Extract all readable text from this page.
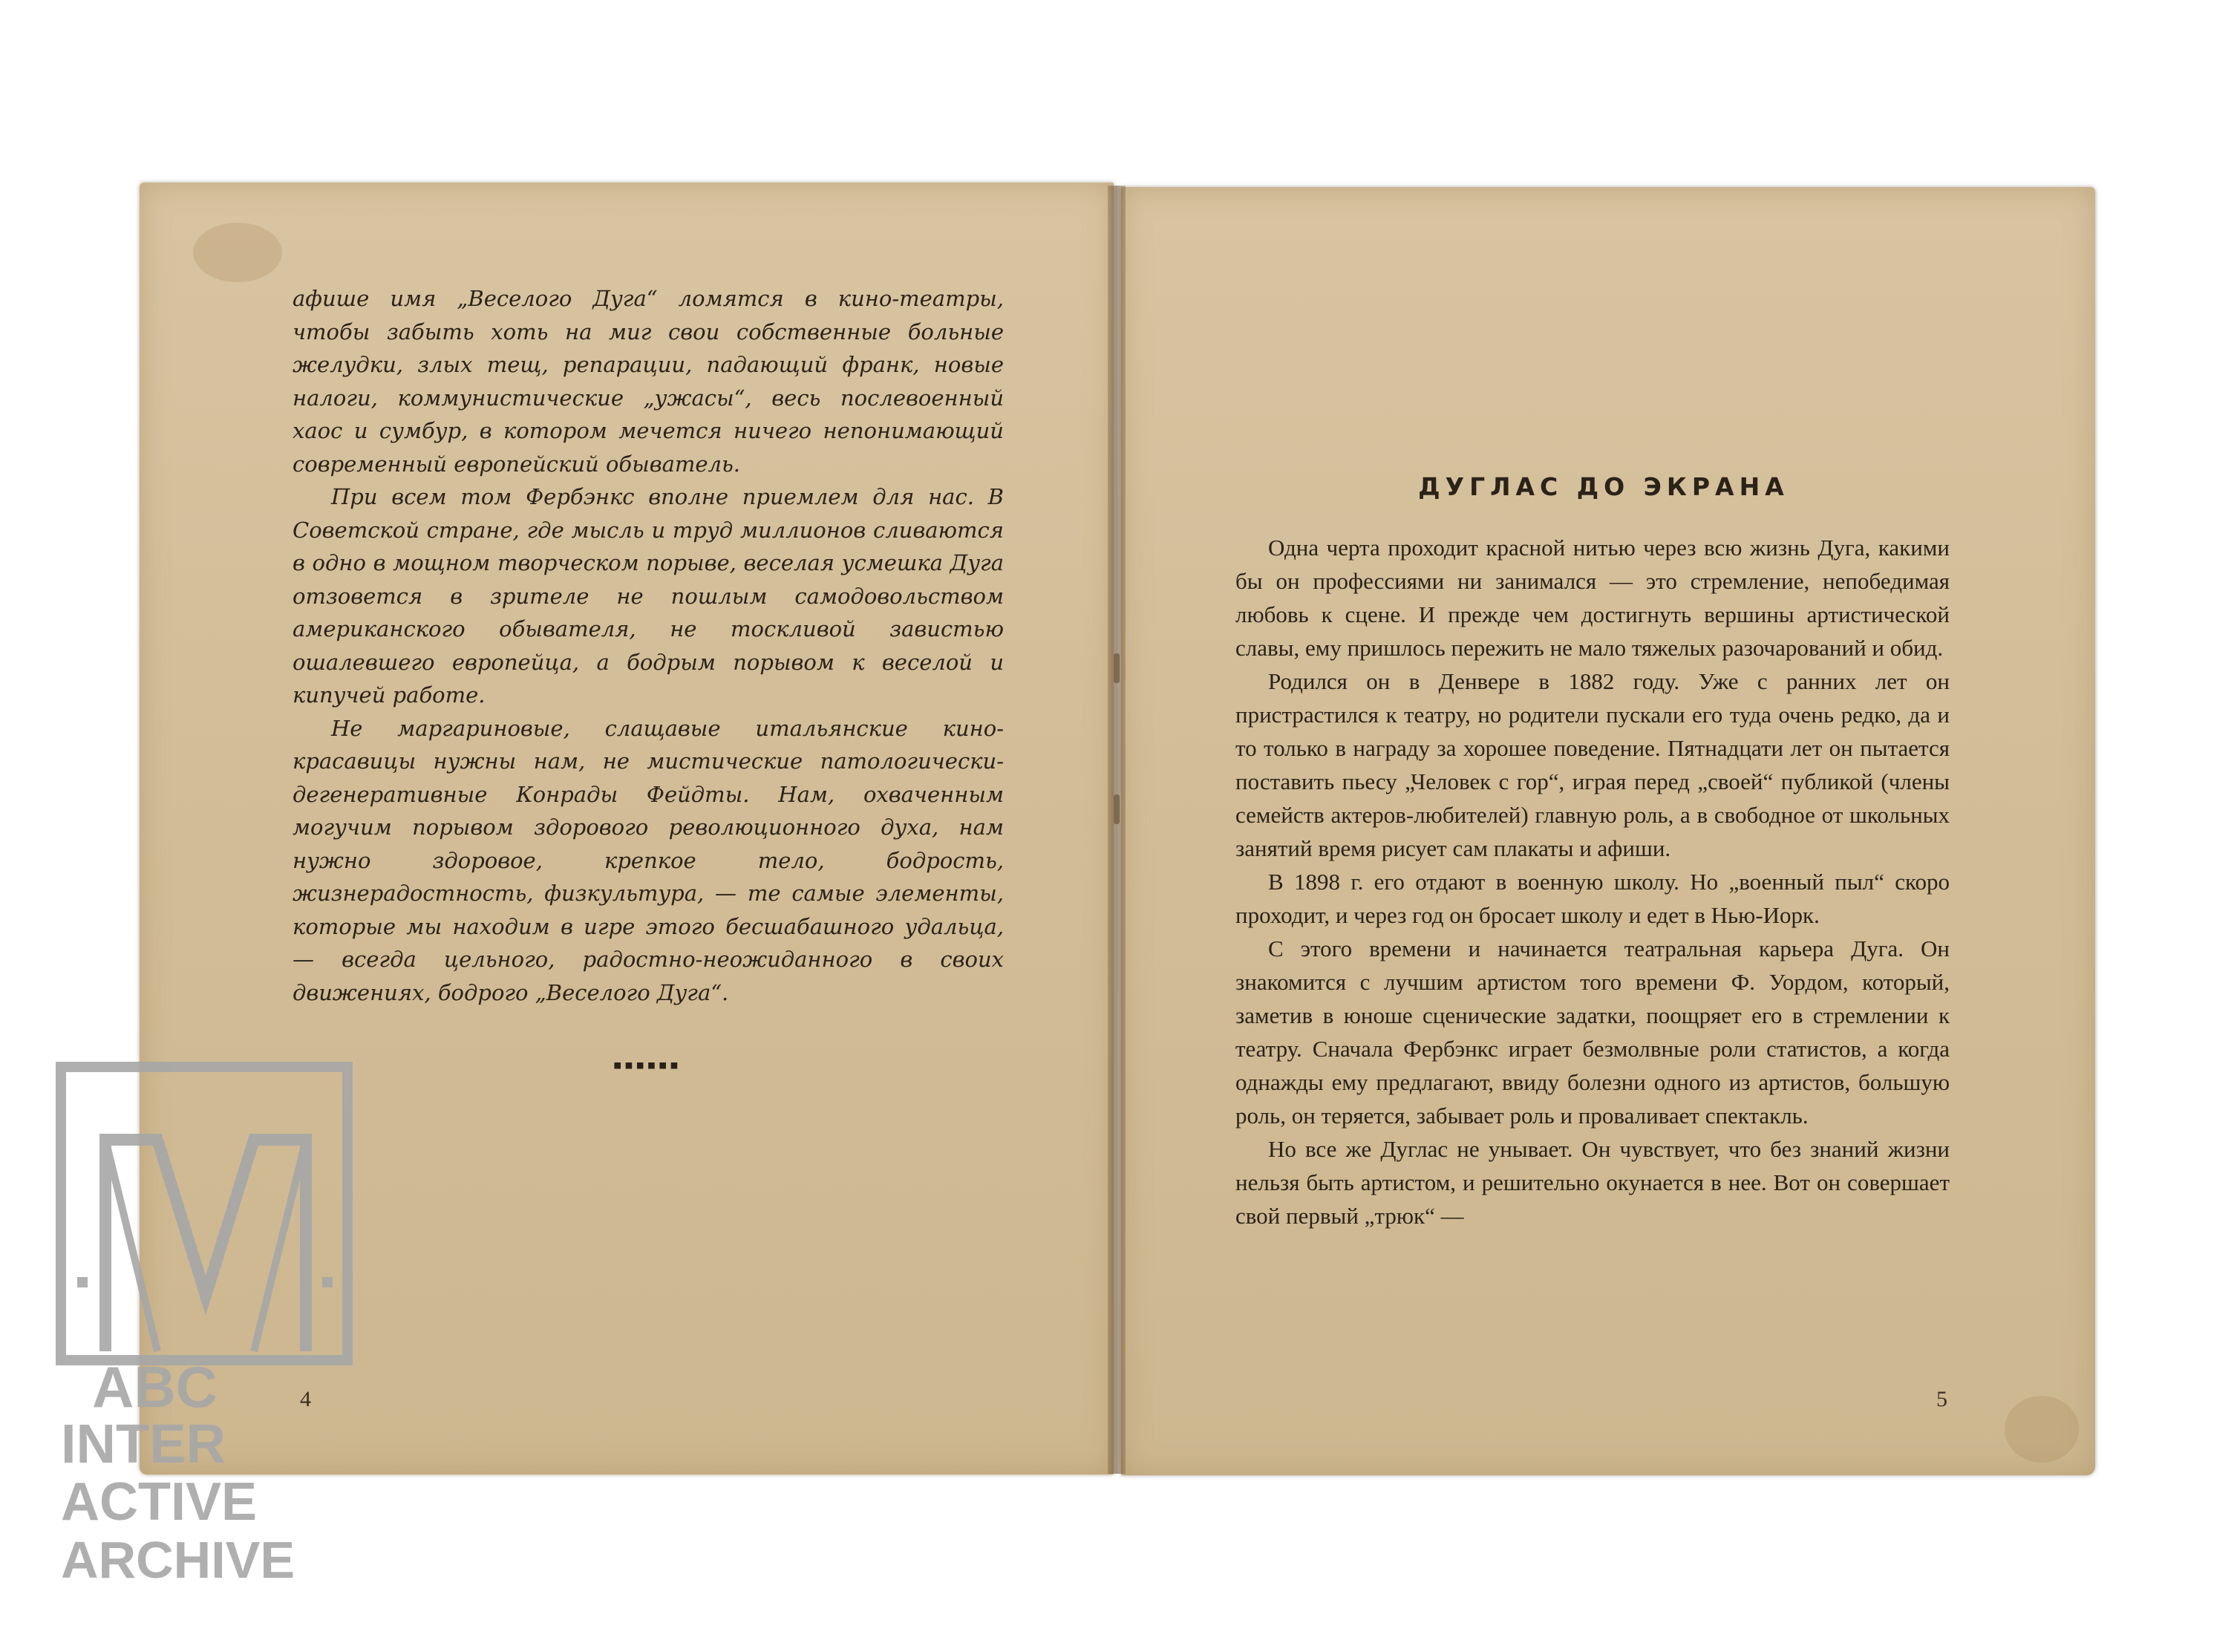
афише имя „Веселого Дуга“ ломятся в кино-театры, чтобы забыть хоть на миг свои собственные больные желудки, злых тещ, репарации, падающий франк, новые налоги, коммунистические „ужасы“, весь послевоенный хаос и сумбур, в котором мечется ничего непонимающий современный европейский обыватель.

При всем том Фербэнкс вполне приемлем для нас. В Советской стране, где мысль и труд миллионов сливаются в одно в мощном творческом порыве, веселая усмешка Дуга отзовется в зрителе не пошлым самодовольством американского обывателя, не тоскливой завистью ошалевшего европейца, а бодрым порывом к веселой и кипучей работе.

Не маргариновые, слащавые итальянские кино-красавицы нужны нам, не мистические патологически-дегенеративные Конрады Фейдты. Нам, охваченным могучим порывом здорового революционного духа, нам нужно здоровое, крепкое тело, бодрость, жизнерадостность, физкультура, — те самые элементы, которые мы находим в игре этого бесшабашного удальца, — всегда цельного, радостно-неожиданного в своих движениях, бодрого „Веселого Дуга“.

▪▪▪▪▪▪
4
ДУГЛАС ДО ЭКРАНА

Одна черта проходит красной нитью через всю жизнь Дуга, какими бы он профессиями ни занимался — это стремление, непобедимая любовь к сцене. И прежде чем достигнуть вершины артистической славы, ему пришлось пережить не мало тяжелых разочарований и обид.

Родился он в Денвере в 1882 году. Уже с ранних лет он пристрастился к театру, но родители пускали его туда очень редко, да и то только в награду за хорошее поведение. Пятнадцати лет он пытается поставить пьесу „Человек с гор“, играя перед „своей“ публикой (члены семейств актеров-любителей) главную роль, а в свободное от школьных занятий время рисует сам плакаты и афиши.

В 1898 г. его отдают в военную школу. Но „военный пыл“ скоро проходит, и через год он бросает школу и едет в Нью-Иорк.

С этого времени и начинается театральная карьера Дуга. Он знакомится с лучшим артистом того времени Ф. Уордом, который, заметив в юноше сценические задатки, поощряет его в стремлении к театру. Сначала Фербэнкс играет безмолвные роли статистов, а когда однажды ему предлагают, ввиду болезни одного из артистов, большую роль, он теряется, забывает роль и проваливает спектакль.

Но все же Дуглас не унывает. Он чувствует, что без знаний жизни нельзя быть артистом, и решительно окунается в нее. Вот он совершает свой первый „трюк“ —

5
ABC
INTER
ACTIVE
ARCHIVE
